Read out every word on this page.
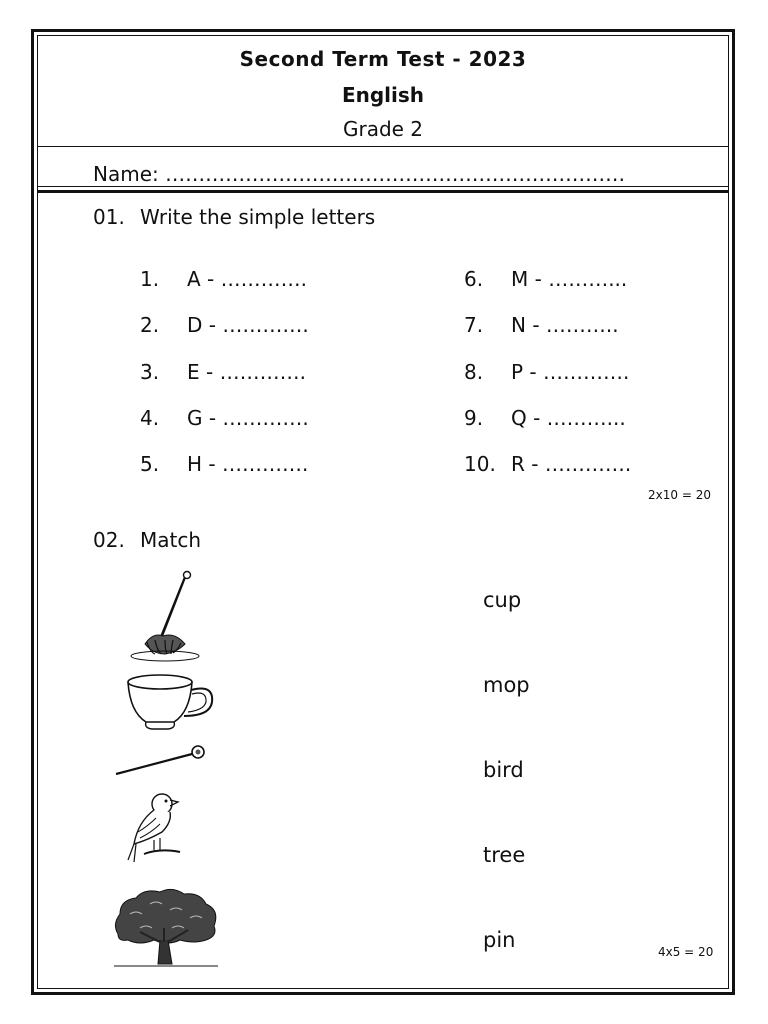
Second Term Test - 2023
English
Grade 2
Name: ……………………………………………………………
01. Write the simple letters
1. A - ………….
2. D - ………….
3. E - ………….
4. G - ………….
5. H - ………….
6. M - ………...
7. N - ………..
8. P - ………….
9. Q - ………...
10. R - ………….
2x10 = 20
02. Match
cup
mop
bird
tree
pin	4x5 = 20
